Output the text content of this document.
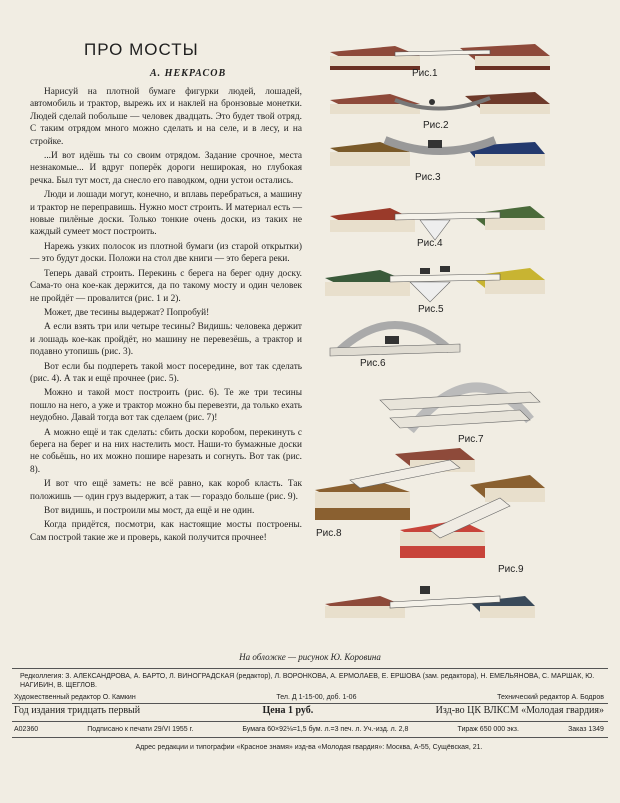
ПРО МОСТЫ
А. НЕКРАСОВ

Нарисуй на плотной бумаге фигурки людей, лошадей, автомобиль и трактор, вырежь их и наклей на бронзовые монетки. Людей сделай побольше — человек двадцать. Это будет твой отряд. С таким отрядом много можно сделать и на селе, и в лесу, и на стройке.

...И вот идёшь ты со своим отрядом. Задание срочное, места незнакомые... И вдруг поперёк дороги неширокая, но глубокая речка. Был тут мост, да снесло его паводком, одни устои остались.

Люди и лошади могут, конечно, и вплавь перебраться, а машину и трактор не переправишь. Нужно мост строить. И материал есть — новые пилёные доски. Только тонкие очень доски, из таких не каждый сумеет мост построить.

Нарежь узких полосок из плотной бумаги (из старой открытки) — это будут доски. Положи на стол две книги — это берега реки.

Теперь давай строить. Перекинь с берега на берег одну доску. Сама-то она кое-как держится, да по такому мосту и один человек не пройдёт — провалится (рис. 1 и 2).

Может, две тесины выдержат? Попробуй!

А если взять три или четыре тесины? Видишь: человека держит и лошадь кое-как пройдёт, но машину не перевезёшь, а трактор и подавно утопишь (рис. 3).

Вот если бы подпереть такой мост посередине, вот так сделать (рис. 4). А так и ещё прочнее (рис. 5).

Можно и такой мост построить (рис. 6). Те же три тесины пошло на него, а уже и трактор можно бы перевезти, да только ехать неудобно. Давай тогда вот так сделаем (рис. 7)!

А можно ещё и так сделать: сбить доски коробом, перекинуть с берега на берег и на них настелить мост. Наши-то бумажные доски не собьёшь, но их можно пошире нарезать и согнуть. Вот так (рис. 8).

И вот что ещё заметь: не всё равно, как короб класть. Так положишь — один груз выдержит, а так — гораздо больше (рис. 9).

Вот видишь, и построили мы мост, да ещё и не один.

Когда придётся, посмотри, как настоящие мосты построены. Сам построй такие же и проверь, какой получится прочнее!

Рис.1
Рис.2
Рис.3
Рис.4
Рис.5
Рис.6
Рис.7
Рис.8
Рис.9
На обложке — рисунок Ю. Коровина
Редколлегия: З. АЛЕКСАНДРОВА, А. БАРТО, Л. ВИНОГРАДСКАЯ (редактор), Л. ВОРОНКОВА, А. ЕРМОЛАЕВ, Е. ЕРШОВА (зам. редактора), Н. ЕМЕЛЬЯНОВА, С. МАРШАК, Ю. НАГИБИН, В. ЩЕГЛОВ.
Художественный редактор О. Камкин	Тел. Д 1-15-00, доб. 1-06	Технический редактор А. Бодров
Год издания тридцать первый	Цена 1 руб.	Изд-во ЦК ВЛКСМ «Молодая гвардия»
А02360	Подписано к печати 29/VI 1955 г.	Бумага 60×92⅛=1,5 бум. л.=3 печ. л. Уч.-изд. л. 2,8	Тираж 650 000 экз.	Заказ 1349
Адрес редакции и типографии «Красное знамя» изд-ва «Молодая гвардия»: Москва, А-55, Сущёвская, 21.
